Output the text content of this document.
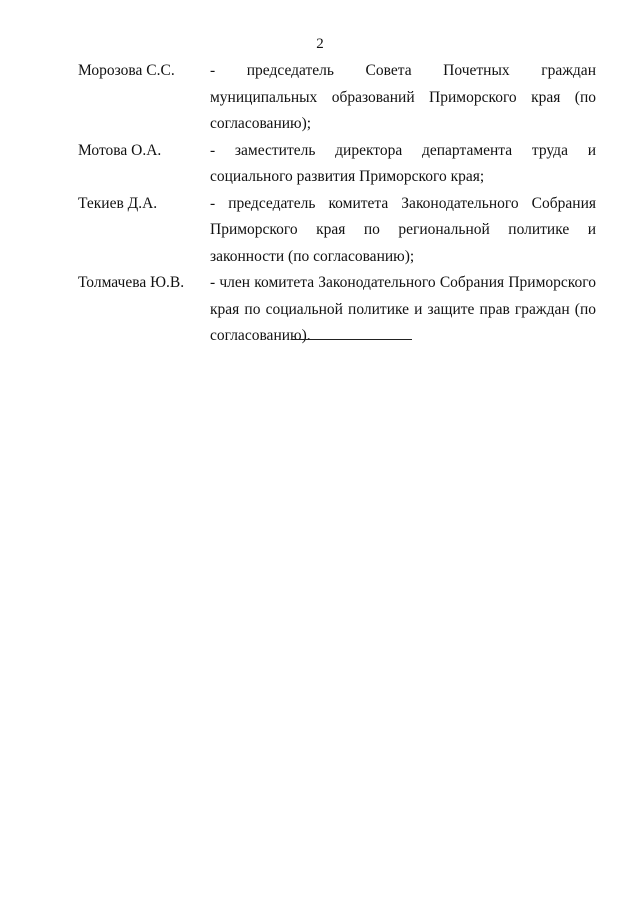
2
Морозова С.С.	- председатель Совета Почетных граждан муниципальных образований Приморского края (по согласованию);
Мотова О.А.	- заместитель директора департамента труда и социального развития Приморского края;
Текиев Д.А.	- председатель комитета Законодательного Собрания Приморского края по региональной политике и законности (по согласованию);
Толмачева Ю.В.	- член комитета Законодательного Собрания Приморского края по социальной политике и защите прав граждан (по согласованию).
